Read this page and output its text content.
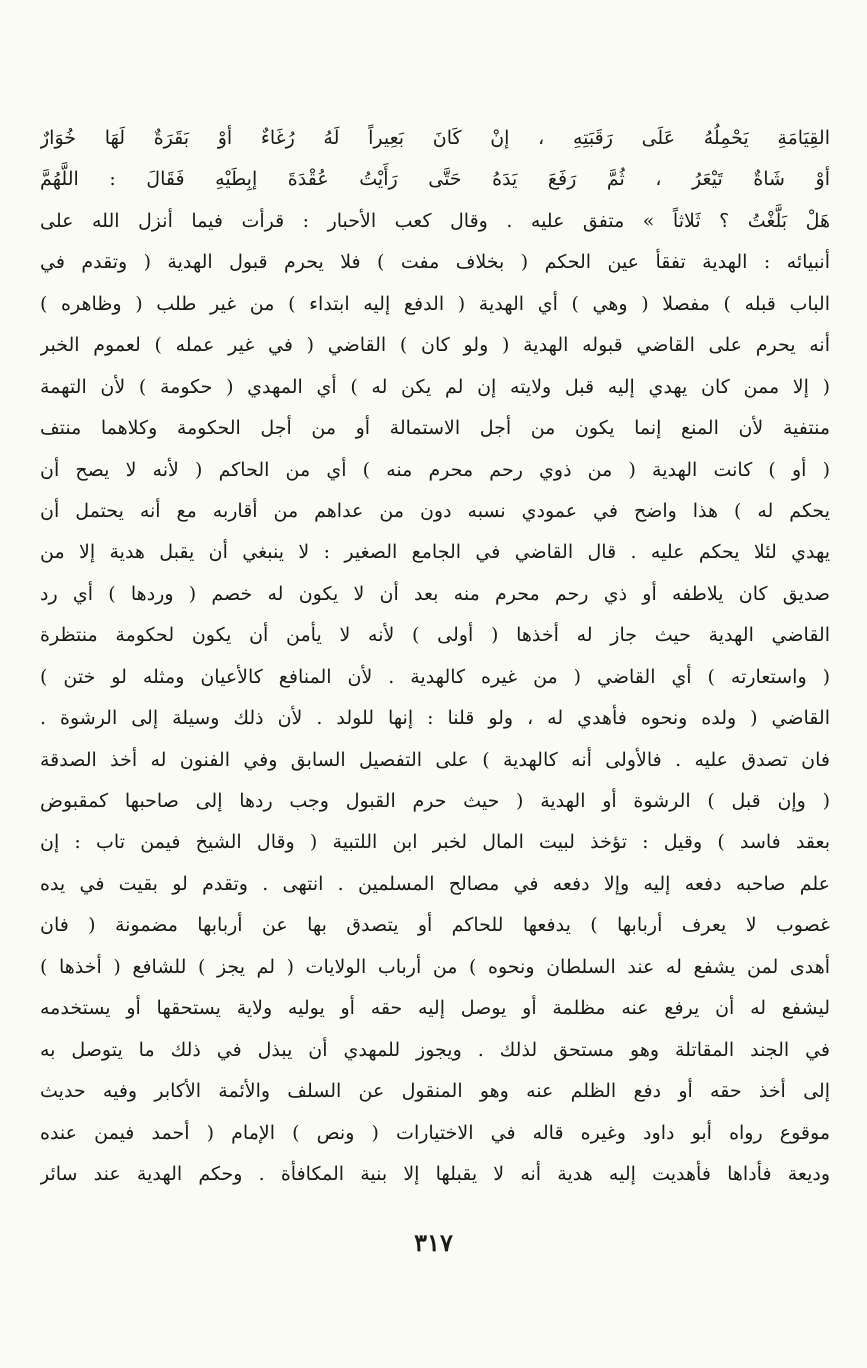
القِيَامَةِ يَحْمِلُهُ عَلَى رَقَبَتِهِ ، إنْ كَانَ بَعِيراً لَهُ رُغَاءٌ أوْ بَقَرَةٌ لَهَا خُوَارٌ
أوْ شَاةٌ تَيْعَرُ ، ثُمَّ رَفَعَ يَدَهُ حَتَّى رَأَيْتُ عُقْدَةَ إبِطَيْهِ فَقَالَ : اللَّهُمَّ
هَلْ بَلَّغْتُ ؟ ثَلاثاً » متفق عليه . وقال كعب الأحبار : قرأت فيما أنزل الله على
أنبيائه : الهدية تفقأ عين الحكم ( بخلاف مفت ) فلا يحرم قبول الهدية ( وتقدم في
الباب قبله ) مفصلا ( وهي ) أي الهدية ( الدفع إليه ابتداء ) من غير طلب ( وظاهره )
أنه يحرم على القاضي قبوله الهدية ( ولو كان ) القاضي ( في غير عمله ) لعموم الخبر
( إلا ممن كان يهدي إليه قبل ولايته إن لم يكن له ) أي المهدي ( حكومة ) لأن التهمة
منتفية لأن المنع إنما يكون من أجل الاستمالة أو من أجل الحكومة وكلاهما منتف
( أو ) كانت الهدية ( من ذوي رحم محرم منه ) أي من الحاكم ( لأنه لا يصح أن
يحكم له ) هذا واضح في عمودي نسبه دون من عداهم من أقاربه مع أنه يحتمل أن
يهدي لئلا يحكم عليه . قال القاضي في الجامع الصغير : لا ينبغي أن يقبل هدية إلا من
صديق كان يلاطفه أو ذي رحم محرم منه بعد أن لا يكون له خصم ( وردها ) أي رد
القاضي الهدية حيث جاز له أخذها ( أولى ) لأنه لا يأمن أن يكون لحكومة منتظرة
( واستعارته ) أي القاضي ( من غيره كالهدية . لأن المنافع كالأعيان ومثله لو ختن )
القاضي ( ولده ونحوه فأهدي له ، ولو قلنا : إنها للولد . لأن ذلك وسيلة إلى الرشوة .
فان تصدق عليه . فالأولى أنه كالهدية ) على التفصيل السابق وفي الفنون له أخذ الصدقة
( وإن قبل ) الرشوة أو الهدية ( حيث حرم القبول وجب ردها إلى صاحبها كمقبوض
بعقد فاسد ) وقيل : تؤخذ لبيت المال لخبر ابن اللتبية ( وقال الشيخ فيمن تاب : إن
علم صاحبه دفعه إليه وإلا دفعه في مصالح المسلمين . انتهى . وتقدم لو بقيت في يده
غصوب لا يعرف أربابها ) يدفعها للحاكم أو يتصدق بها عن أربابها مضمونة ( فان
أهدى لمن يشفع له عند السلطان ونحوه ) من أرباب الولايات ( لم يجز ) للشافع ( أخذها )
ليشفع له أن يرفع عنه مظلمة أو يوصل إليه حقه أو يوليه ولاية يستحقها أو يستخدمه
في الجند المقاتلة وهو مستحق لذلك . ويجوز للمهدي أن يبذل في ذلك ما يتوصل به
إلى أخذ حقه أو دفع الظلم عنه وهو المنقول عن السلف والأئمة الأكابر وفيه حديث
موقوع رواه أبو داود وغيره قاله في الاختيارات ( ونص ) الإمام ( أحمد فيمن عنده
وديعة فأداها فأهديت إليه هدية أنه لا يقبلها إلا بنية المكافأة . وحكم الهدية عند سائر
٣١٧
